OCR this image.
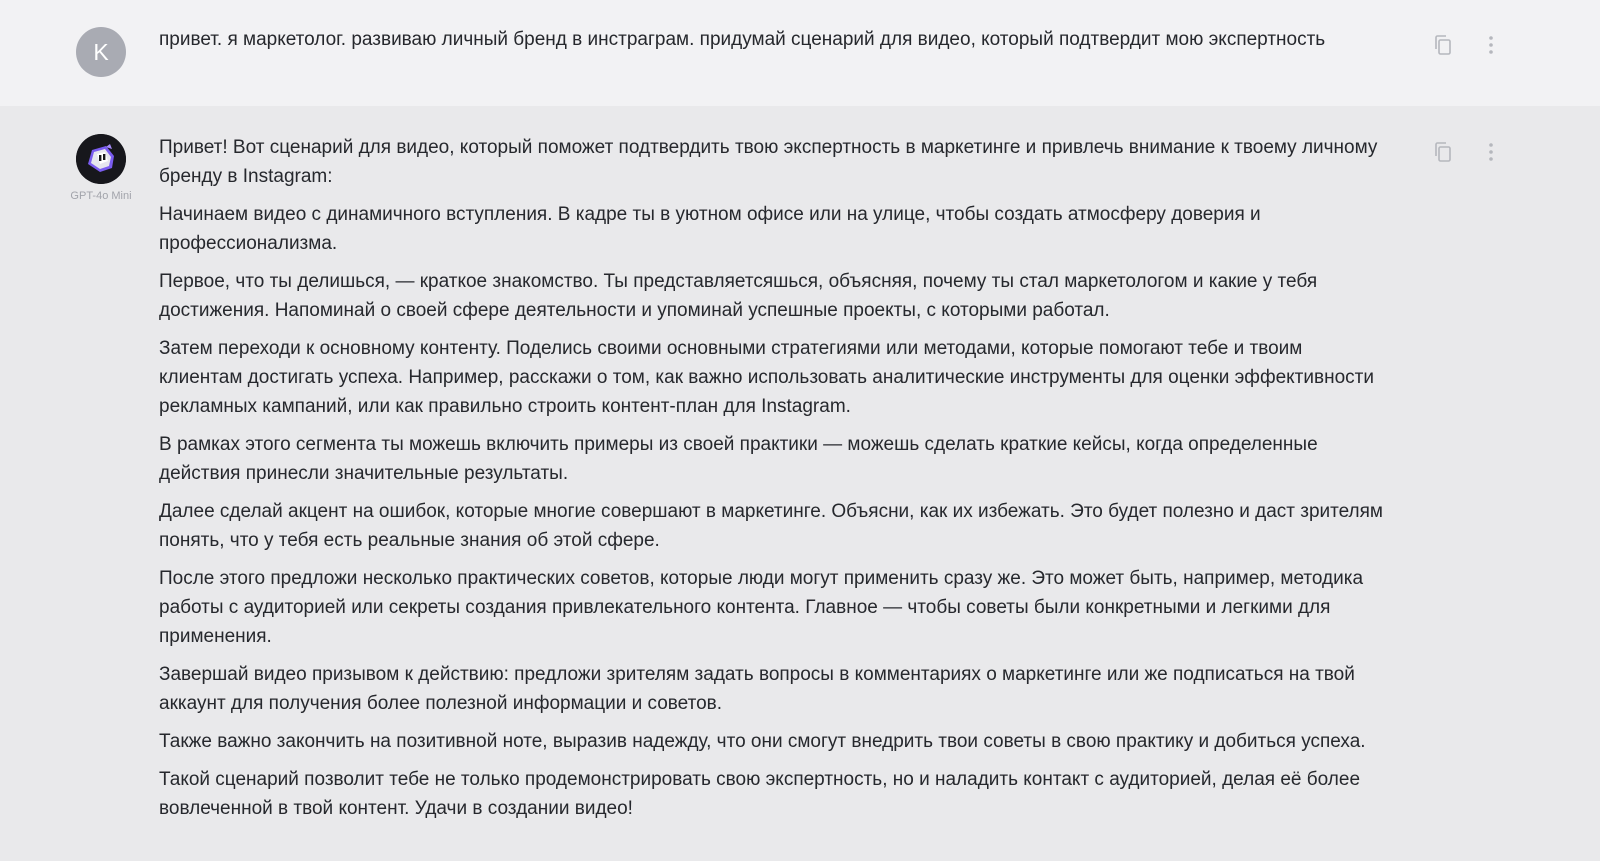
K	привет. я маркетолог. развиваю личный бренд в инстраграм. придумай сценарий для видео, который подтвердит мою экспертность

GPT-4o Mini

Привет! Вот сценарий для видео, который поможет подтвердить твою экспертность в маркетинге и привлечь внимание к твоему личному бренду в Instagram:

Начинаем видео с динамичного вступления. В кадре ты в уютном офисе или на улице, чтобы создать атмосферу доверия и профессионализма.

Первое, что ты делишься, — краткое знакомство. Ты представляетсяшься, объясняя, почему ты стал маркетологом и какие у тебя достижения. Напоминай о своей сфере деятельности и упоминай успешные проекты, с которыми работал.

Затем переходи к основному контенту. Поделись своими основными стратегиями или методами, которые помогают тебе и твоим клиентам достигать успеха. Например, расскажи о том, как важно использовать аналитические инструменты для оценки эффективности рекламных кампаний, или как правильно строить контент-план для Instagram.

В рамках этого сегмента ты можешь включить примеры из своей практики — можешь сделать краткие кейсы, когда определенные действия принесли значительные результаты.

Далее сделай акцент на ошибок, которые многие совершают в маркетинге. Объясни, как их избежать. Это будет полезно и даст зрителям понять, что у тебя есть реальные знания об этой сфере.

После этого предложи несколько практических советов, которые люди могут применить сразу же. Это может быть, например, методика работы с аудиторией или секреты создания привлекательного контента. Главное — чтобы советы были конкретными и легкими для применения.

Завершай видео призывом к действию: предложи зрителям задать вопросы в комментариях о маркетинге или же подписаться на твой аккаунт для получения более полезной информации и советов.

Также важно закончить на позитивной ноте, выразив надежду, что они смогут внедрить твои советы в свою практику и добиться успеха.

Такой сценарий позволит тебе не только продемонстрировать свою экспертность, но и наладить контакт с аудиторией, делая её более вовлеченной в твой контент. Удачи в создании видео!
